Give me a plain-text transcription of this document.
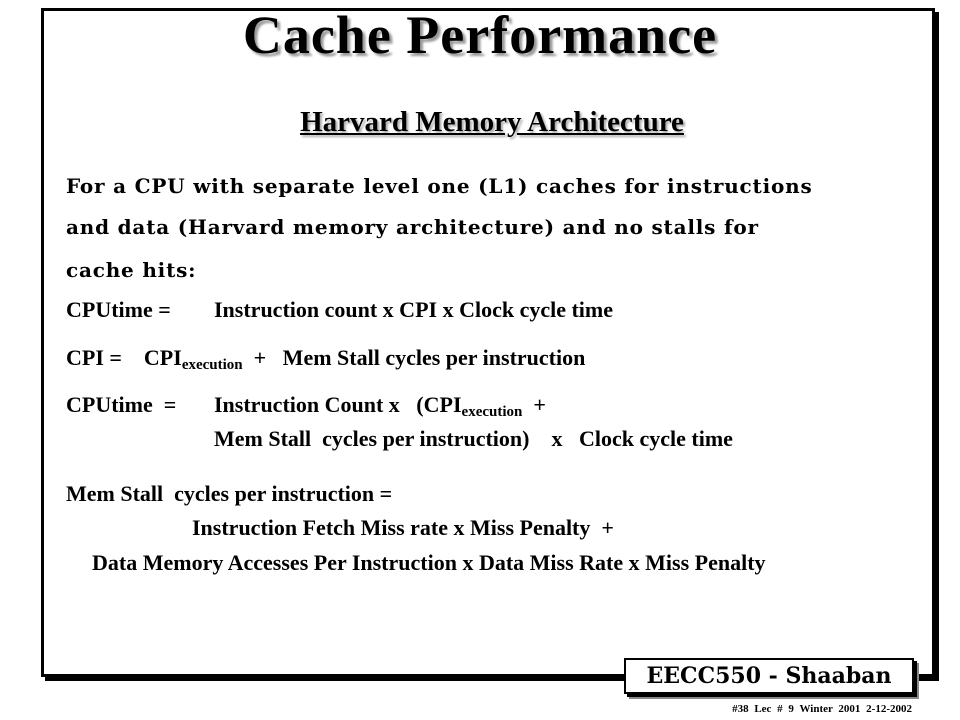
Cache Performance
Harvard Memory Architecture
For a CPU with separate level one (L1) caches for instructions
and data (Harvard memory architecture) and no stalls for
cache hits:
CPUtime = Instruction count x CPI x Clock cycle time
CPI =    $CPI_{execution}$  +   Mem Stall cycles per instruction
CPUtime  = Instruction Count x   ($CPI_{execution}$  +
Mem Stall  cycles per instruction)    x   Clock cycle time
Mem Stall  cycles per instruction =
Instruction Fetch Miss rate x Miss Penalty  +
Data Memory Accesses Per Instruction x Data Miss Rate x Miss Penalty
EECC550 - Shaaban
#38 Lec # 9 Winter 2001 2-12-2002
